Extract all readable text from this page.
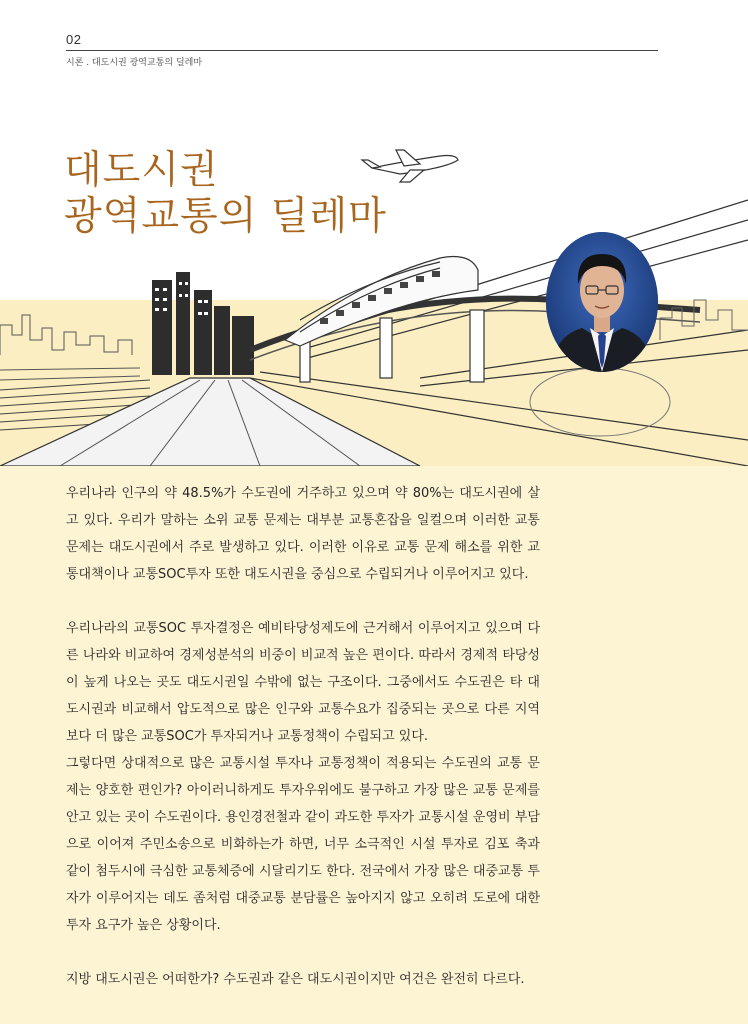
02
시론 . 대도시권 광역교통의 딜레마
대도시권
광역교통의 딜레마

우리나라 인구의 약 48.5%가 수도권에 거주하고 있으며 약 80%는 대도시권에 살고 있다. 우리가 말하는 소위 교통 문제는 대부분 교통혼잡을 일컬으며 이러한 교통 문제는 대도시권에서 주로 발생하고 있다. 이러한 이유로 교통 문제 해소를 위한 교통대책이나 교통SOC투자 또한 대도시권을 중심으로 수립되거나 이루어지고 있다.

우리나라의 교통SOC 투자결정은 예비타당성제도에 근거해서 이루어지고 있으며 다른 나라와 비교하여 경제성분석의 비중이 비교적 높은 편이다. 따라서 경제적 타당성이 높게 나오는 곳도 대도시권일 수밖에 없는 구조이다. 그중에서도 수도권은 타 대도시권과 비교해서 압도적으로 많은 인구와 교통수요가 집중되는 곳으로 다른 지역보다 더 많은 교통SOC가 투자되거나 교통정책이 수립되고 있다.

그렇다면 상대적으로 많은 교통시설 투자나 교통정책이 적용되는 수도권의 교통 문제는 양호한 편인가? 아이러니하게도 투자우위에도 불구하고 가장 많은 교통 문제를 안고 있는 곳이 수도권이다. 용인경전철과 같이 과도한 투자가 교통시설 운영비 부담으로 이어져 주민소송으로 비화하는가 하면, 너무 소극적인 시설 투자로 김포 축과 같이 첨두시에 극심한 교통체증에 시달리기도 한다. 전국에서 가장 많은 대중교통 투자가 이루어지는 데도 좀처럼 대중교통 분담률은 높아지지 않고 오히려 도로에 대한 투자 요구가 높은 상황이다.

지방 대도시권은 어떠한가? 수도권과 같은 대도시권이지만 여건은 완전히 다르다.
